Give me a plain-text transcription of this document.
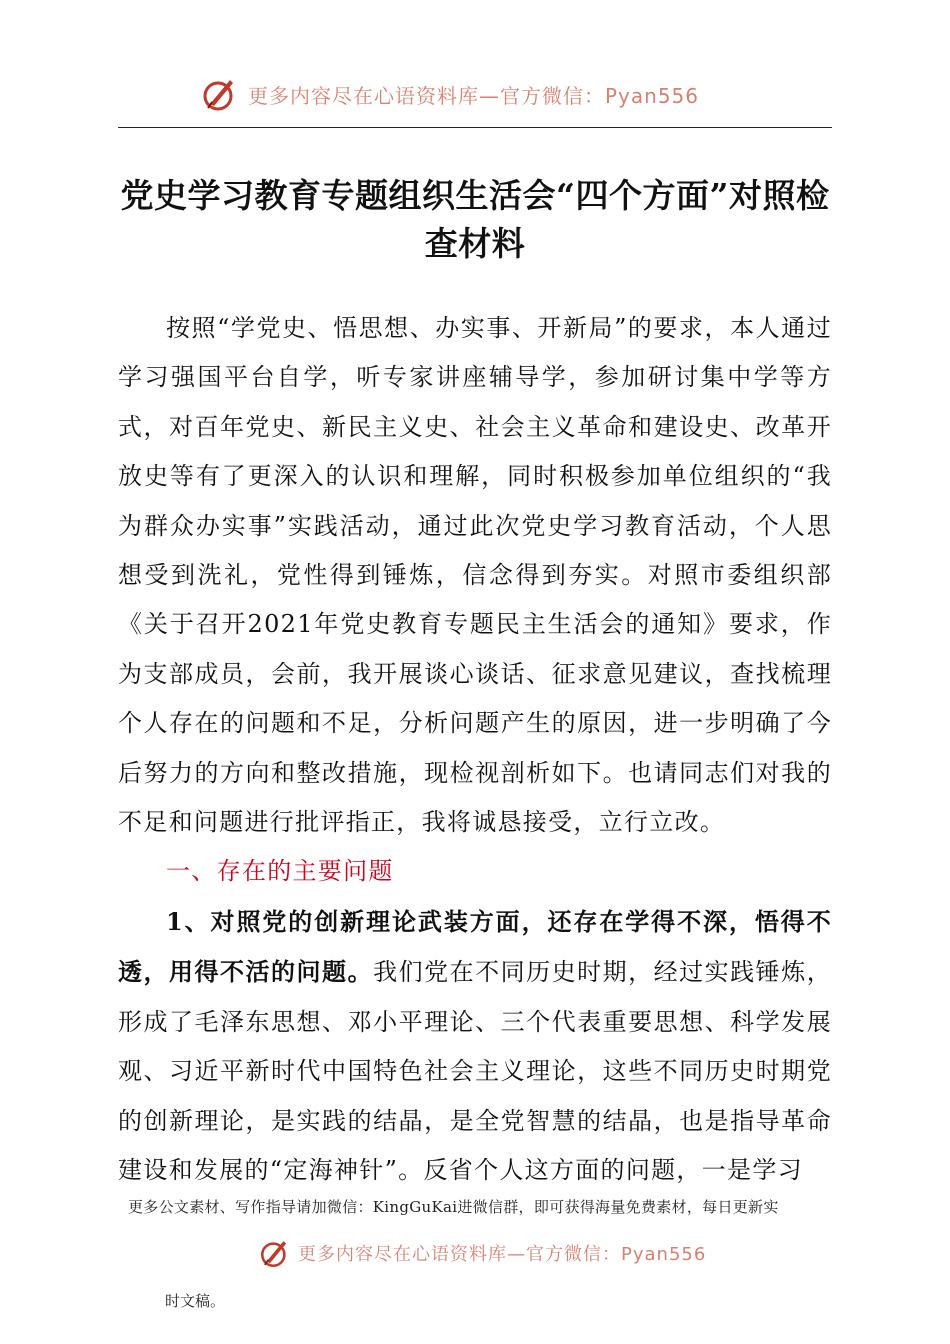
更多内容尽在心语资料库—官方微信：Pyan556
党史学习教育专题组织生活会“四个方面”对照检查材料

按照“学党史、悟思想、办实事、开新局”的要求，本人通过学习强国平台自学，听专家讲座辅导学，参加研讨集中学等方式，对百年党史、新民主义史、社会主义革命和建设史、改革开放史等有了更深入的认识和理解，同时积极参加单位组织的“我为群众办实事”实践活动，通过此次党史学习教育活动，个人思想受到洗礼，党性得到锤炼，信念得到夯实。对照市委组织部《关于召开2021年党史教育专题民主生活会的通知》要求，作为支部成员，会前，我开展谈心谈话、征求意见建议，查找梳理个人存在的问题和不足，分析问题产生的原因，进一步明确了今后努力的方向和整改措施，现检视剖析如下。也请同志们对我的不足和问题进行批评指正，我将诚恳接受，立行立改。

一、存在的主要问题

1、对照党的创新理论武装方面，还存在学得不深，悟得不透，用得不活的问题。我们党在不同历史时期，经过实践锤炼，形成了毛泽东思想、邓小平理论、三个代表重要思想、科学发展观、习近平新时代中国特色社会主义理论，这些不同历史时期党的创新理论，是实践的结晶，是全党智慧的结晶，也是指导革命建设和发展的“定海神针”。反省个人这方面的问题，一是学习

更多公文素材、写作指导请加微信：KingGuKai进微信群，即可获得海量免费素材，每日更新实
更多内容尽在心语资料库—官方微信：Pyan556
时文稿。
